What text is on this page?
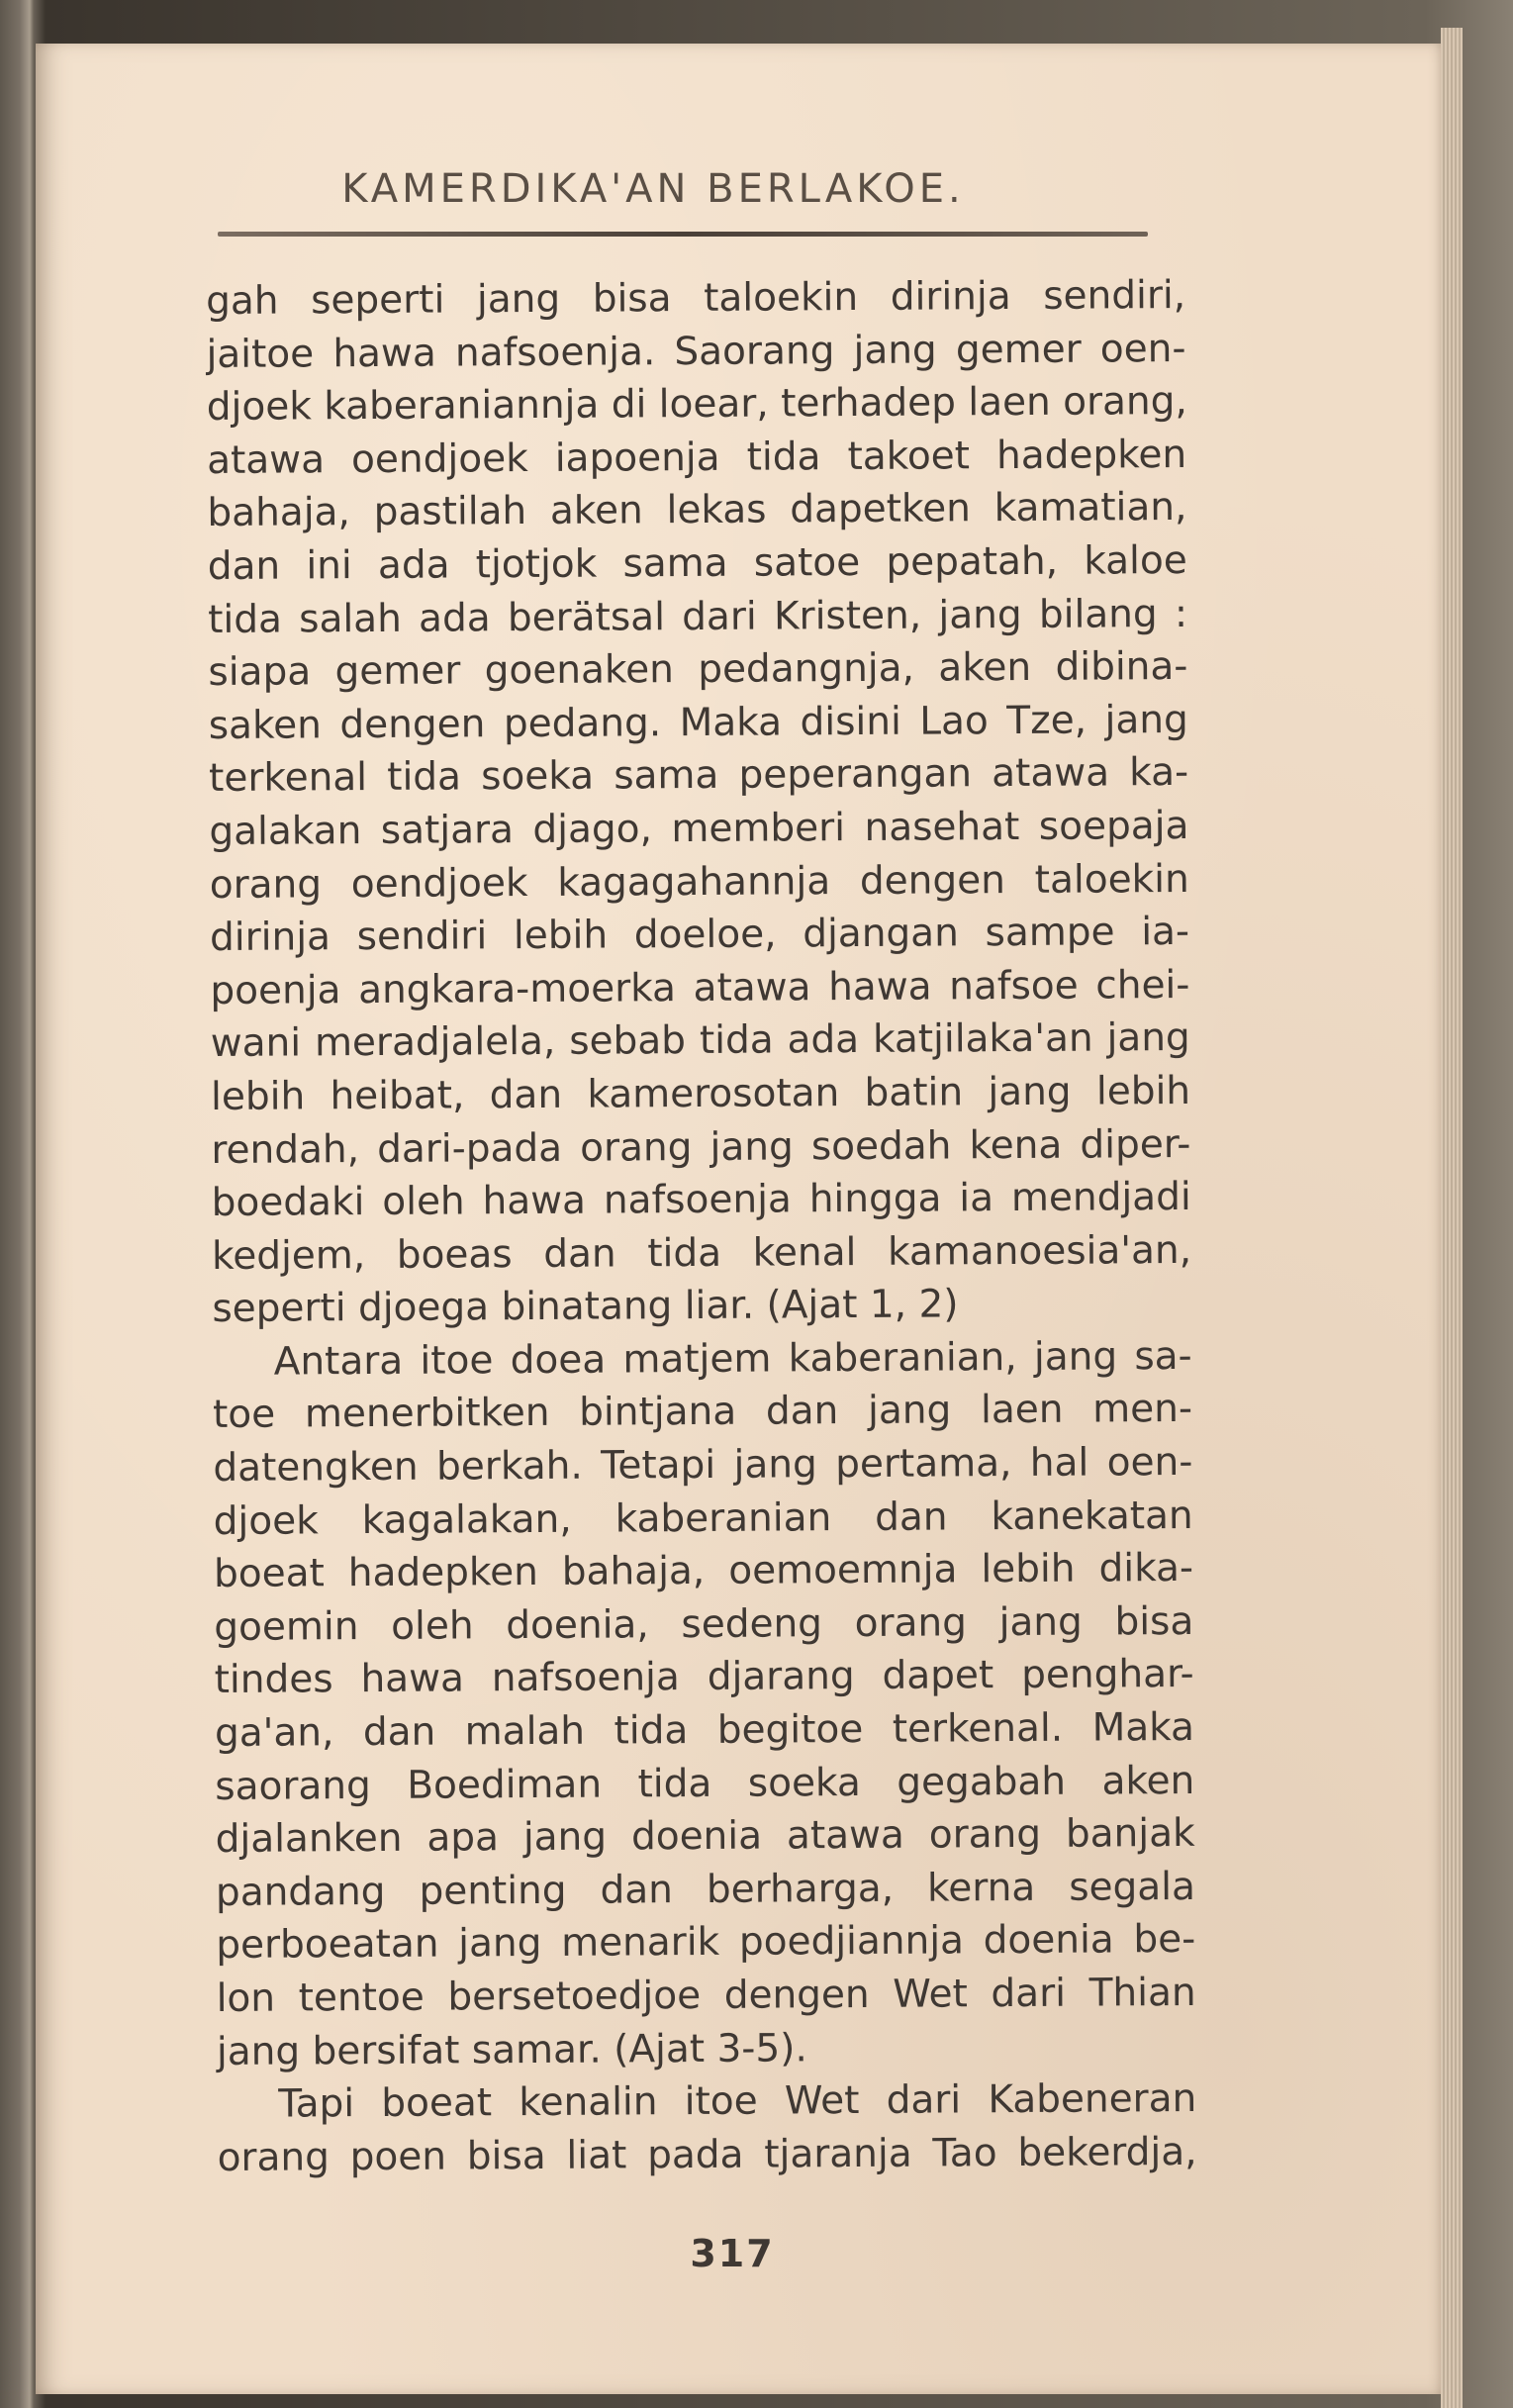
KAMERDIKA'AN BERLAKOE.
gah seperti jang bisa taloekin dirinja sendiri,
jaitoe hawa nafsoenja. Saorang jang gemer oen-
djoek kaberaniannja di loear, terhadep laen orang,
atawa oendjoek iapoenja tida takoet hadepken
bahaja, pastilah aken lekas dapetken kamatian,
dan ini ada tjotjok sama satoe pepatah, kaloe
tida salah ada berätsal dari Kristen, jang bilang :
siapa gemer goenaken pedangnja, aken dibina-
saken dengen pedang. Maka disini Lao Tze, jang
terkenal tida soeka sama peperangan atawa ka-
galakan satjara djago, memberi nasehat soepaja
orang oendjoek kagagahannja dengen taloekin
dirinja sendiri lebih doeloe, djangan sampe ia-
poenja angkara-moerka atawa hawa nafsoe chei-
wani meradjalela, sebab tida ada katjilaka'an jang
lebih heibat, dan kamerosotan batin jang lebih
rendah, dari-pada orang jang soedah kena diper-
boedaki oleh hawa nafsoenja hingga ia mendjadi
kedjem, boeas dan tida kenal kamanoesia'an,
seperti djoega binatang liar. (Ajat 1, 2)
Antara itoe doea matjem kaberanian, jang sa-
toe menerbitken bintjana dan jang laen men-
datengken berkah. Tetapi jang pertama, hal oen-
djoek kagalakan, kaberanian dan kanekatan
boeat hadepken bahaja, oemoemnja lebih dika-
goemin oleh doenia, sedeng orang jang bisa
tindes hawa nafsoenja djarang dapet penghar-
ga'an, dan malah tida begitoe terkenal. Maka
saorang Boediman tida soeka gegabah aken
djalanken apa jang doenia atawa orang banjak
pandang penting dan berharga, kerna segala
perboeatan jang menarik poedjiannja doenia be-
lon tentoe bersetoedjoe dengen Wet dari Thian
jang bersifat samar. (Ajat 3-5).
Tapi boeat kenalin itoe Wet dari Kabeneran
orang poen bisa liat pada tjaranja Tao bekerdja,
317
